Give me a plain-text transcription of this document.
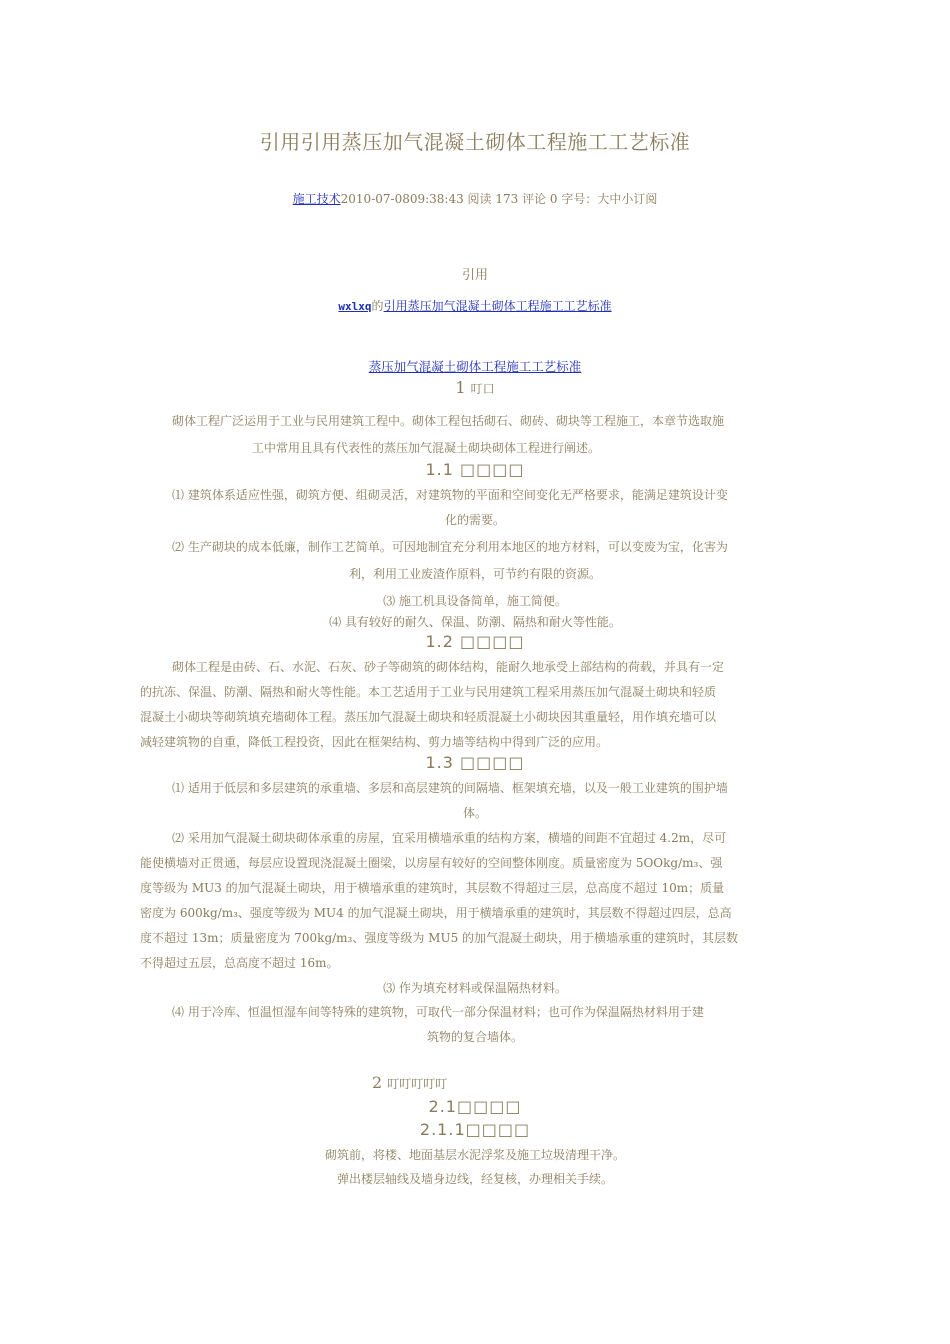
引用引用蒸压加气混凝土砌体工程施工工艺标准
施工技术2010-07-0809:38:43 阅读 173 评论 0 字号：大中小订阅
引用
wxlxq的引用蒸压加气混凝土砌体工程施工工艺标准
蒸压加气混凝土砌体工程施工工艺标准
1 叮口
砌体工程广泛运用于工业与民用建筑工程中。砌体工程包括砌石、砌砖、砌块等工程施工，本章节选取施
工中常用且具有代表性的蒸压加气混凝土砌块砌体工程进行阐述。
1.1 □□□□
⑴ 建筑体系适应性强，砌筑方便、组砌灵活，对建筑物的平面和空间变化无严格要求，能满足建筑设计变
化的需要。
⑵ 生产砌块的成本低廉，制作工艺简单。可因地制宜充分利用本地区的地方材料，可以变废为宝，化害为
利，利用工业废渣作原料，可节约有限的资源。
⑶ 施工机具设备简单，施工简便。
⑷ 具有较好的耐久、保温、防潮、隔热和耐火等性能。
1.2 □□□□
砌体工程是由砖、石、水泥、石灰、砂子等砌筑的砌体结构，能耐久地承受上部结构的荷载，并具有一定
的抗冻、保温、防潮、隔热和耐火等性能。本工艺适用于工业与民用建筑工程采用蒸压加气混凝土砌块和轻质
混凝土小砌块等砌筑填充墙砌体工程。蒸压加气混凝土砌块和轻质混凝土小砌块因其重量轻，用作填充墙可以
减轻建筑物的自重，降低工程投资，因此在框架结构、剪力墙等结构中得到广泛的应用。
1.3 □□□□
⑴ 适用于低层和多层建筑的承重墙、多层和高层建筑的间隔墙、框架填充墙，以及一般工业建筑的围护墙
体。
⑵ 采用加气混凝土砌块砌体承重的房屋，宜采用横墙承重的结构方案，横墙的间距不宜超过 4.2m，尽可
能使横墙对正贯通，每层应设置现浇混凝土圈梁，以房屋有较好的空间整体刚度。质量密度为 5OOkg/m₃、强
度等级为 MU3 的加气混凝土砌块，用于横墙承重的建筑时，其层数不得超过三层，总高度不超过 10m；质量
密度为 600kg/m₃、强度等级为 MU4 的加气混凝土砌块，用于横墙承重的建筑时，其层数不得超过四层，总高
度不超过 13m；质量密度为 700kg/m₃、强度等级为 MU5 的加气混凝土砌块，用于横墙承重的建筑时，其层数
不得超过五层，总高度不超过 16m。
⑶ 作为填充材料或保温隔热材料。
⑷ 用于冷库、恒温恒湿车间等特殊的建筑物，可取代一部分保温材料；也可作为保温隔热材料用于建
筑物的复合墙体。
2 叮叮叮叮叮
2.1□□□□
2.1.1□□□□
砌筑前，将楼、地面基层水泥浮浆及施工垃圾清理干净。
弹出楼层轴线及墙身边线，经复核，办理相关手续。
